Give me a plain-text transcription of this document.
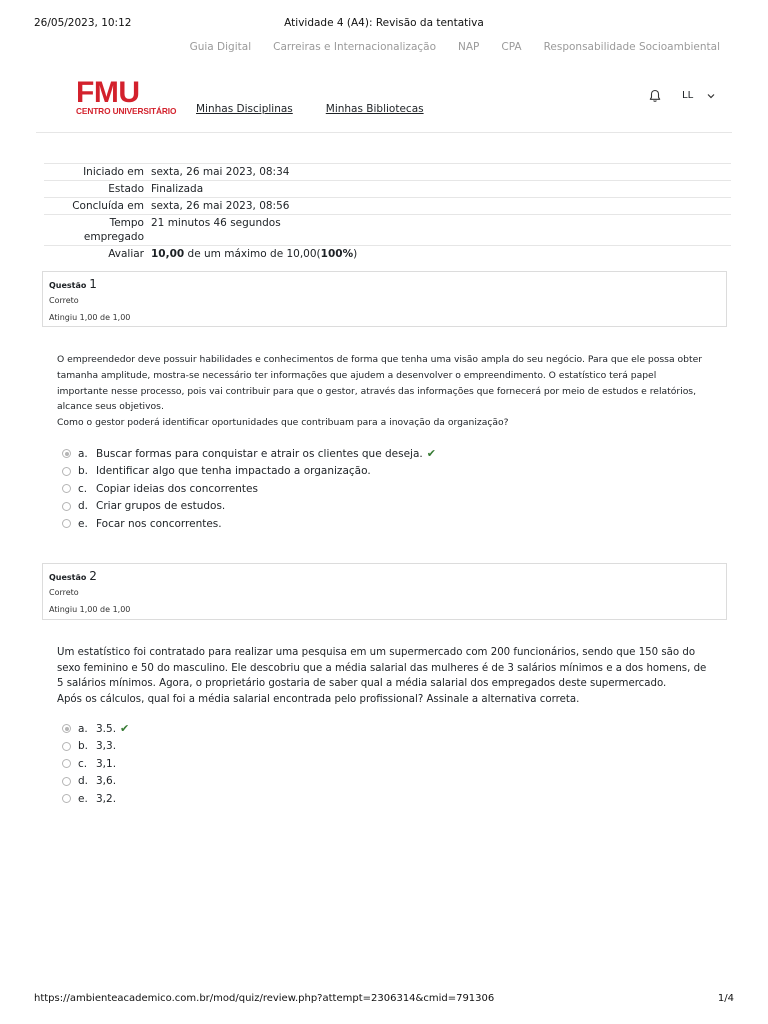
26/05/2023, 10:12	Atividade 4 (A4): Revisão da tentativa
Guia Digital Carreiras e Internacionalização NAP CPA Responsabilidade Socioambiental
FMU
CENTRO UNIVERSITÁRIO Minhas Disciplinas	Minhas Bibliotecas
LL
Iniciado em	sexta, 26 mai 2023, 08:34
Estado	Finalizada
Concluída em	sexta, 26 mai 2023, 08:56
Tempo empregado	21 minutos 46 segundos
Avaliar	10,00 de um máximo de 10,00(100%)
Questão 1
Correto
Atingiu 1,00 de 1,00
O empreendedor deve possuir habilidades e conhecimentos de forma que tenha uma visão ampla do seu negócio. Para que ele possa obter tamanha amplitude, mostra-se necessário ter informações que ajudem a desenvolver o empreendimento. O estatístico terá papel importante nesse processo, pois vai contribuir para que o gestor, através das informações que fornecerá por meio de estudos e relatórios, alcance seus objetivos.
Como o gestor poderá identificar oportunidades que contribuam para a inovação da organização?
a. Buscar formas para conquistar e atrair os clientes que deseja. ✔
b. Identificar algo que tenha impactado a organização.
c. Copiar ideias dos concorrentes
d. Criar grupos de estudos.
e. Focar nos concorrentes.
Questão 2
Correto
Atingiu 1,00 de 1,00
Um estatístico foi contratado para realizar uma pesquisa em um supermercado com 200 funcionários, sendo que 150 são do sexo feminino e 50 do masculino. Ele descobriu que a média salarial das mulheres é de 3 salários mínimos e a dos homens, de 5 salários mínimos. Agora, o proprietário gostaria de saber qual a média salarial dos empregados deste supermercado.
Após os cálculos, qual foi a média salarial encontrada pelo profissional? Assinale a alternativa correta.
a. 3.5. ✔
b. 3,3.
c. 3,1.
d. 3,6.
e. 3,2.
https://ambienteacademico.com.br/mod/quiz/review.php?attempt=2306314&cmid=791306	1/4
